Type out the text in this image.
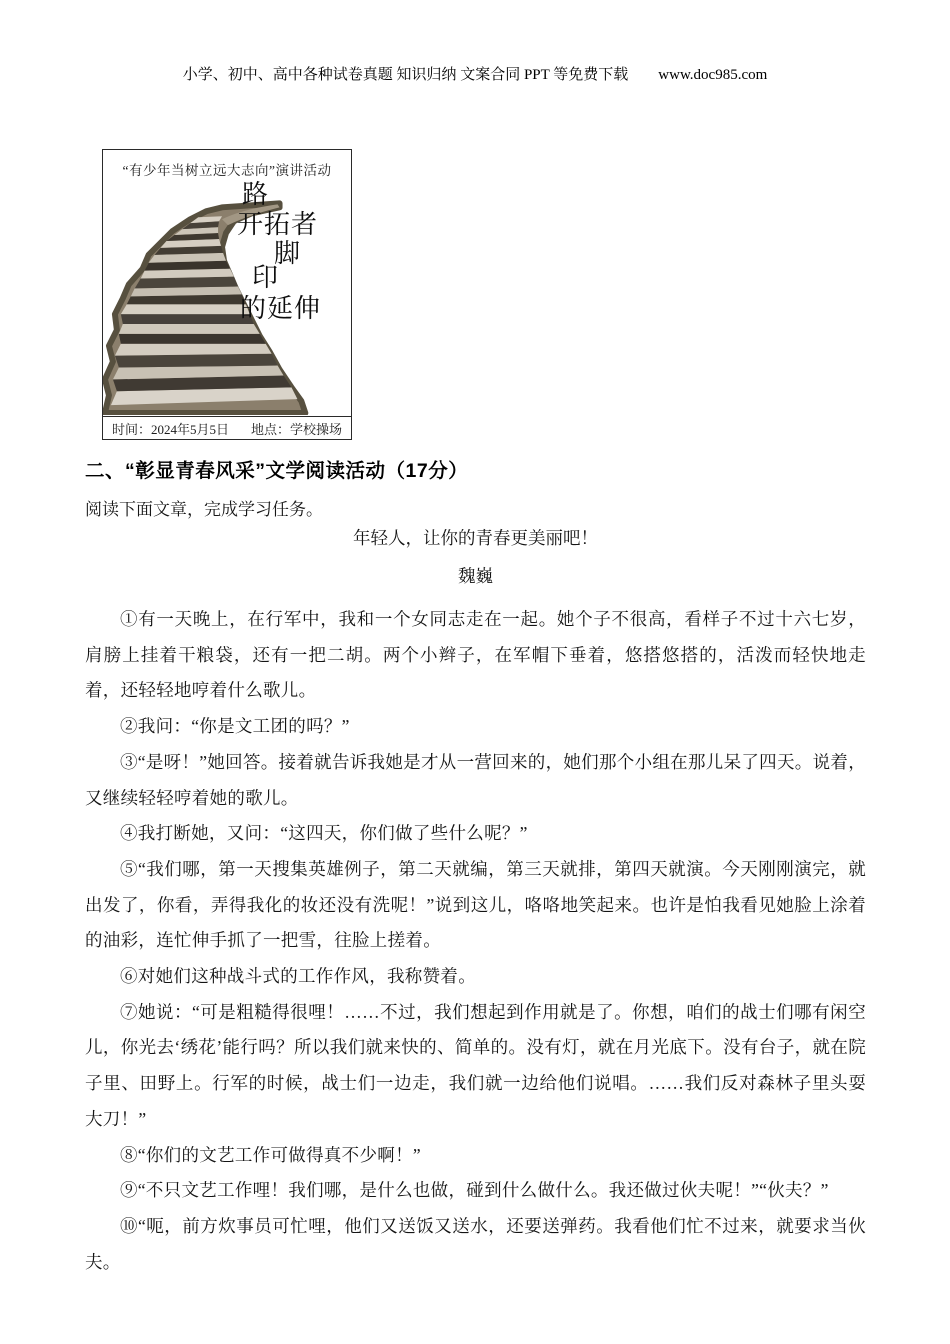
小学、初中、高中各种试卷真题 知识归纳 文案合同 PPT 等免费下载 www.doc985.com
“有少年当树立远大志向”演讲活动
路
开拓者
脚
印
的延伸
时间：2024年5月5日 地点：学校操场
二、“彰显青春风采”文学阅读活动（17分）
阅读下面文章，完成学习任务。
年轻人，让你的青春更美丽吧！
魏巍

①有一天晚上，在行军中，我和一个女同志走在一起。她个子不很高，看样子不过十六七岁，肩膀上挂着干粮袋，还有一把二胡。两个小辫子，在军帽下垂着，悠搭悠搭的，活泼而轻快地走着，还轻轻地哼着什么歌儿。

②我问：“你是文工团的吗？”

③“是呀！”她回答。接着就告诉我她是才从一营回来的，她们那个小组在那儿呆了四天。说着，又继续轻轻哼着她的歌儿。

④我打断她，又问：“这四天，你们做了些什么呢？”

⑤“我们哪，第一天搜集英雄例子，第二天就编，第三天就排，第四天就演。今天刚刚演完，就出发了，你看，弄得我化的妆还没有洗呢！”说到这儿，咯咯地笑起来。也许是怕我看见她脸上涂着的油彩，连忙伸手抓了一把雪，往脸上搓着。

⑥对她们这种战斗式的工作作风，我称赞着。

⑦她说：“可是粗糙得很哩！……不过，我们想起到作用就是了。你想，咱们的战士们哪有闲空儿，你光去‘绣花’能行吗？所以我们就来快的、简单的。没有灯，就在月光底下。没有台子，就在院子里、田野上。行军的时候，战士们一边走，我们就一边给他们说唱。……我们反对森林子里头耍大刀！”

⑧“你们的文艺工作可做得真不少啊！”

⑨“不只文艺工作哩！我们哪，是什么也做，碰到什么做什么。我还做过伙夫呢！”“伙夫？”

⑩“呃，前方炊事员可忙哩，他们又送饭又送水，还要送弹药。我看他们忙不过来，就要求当伙夫。
